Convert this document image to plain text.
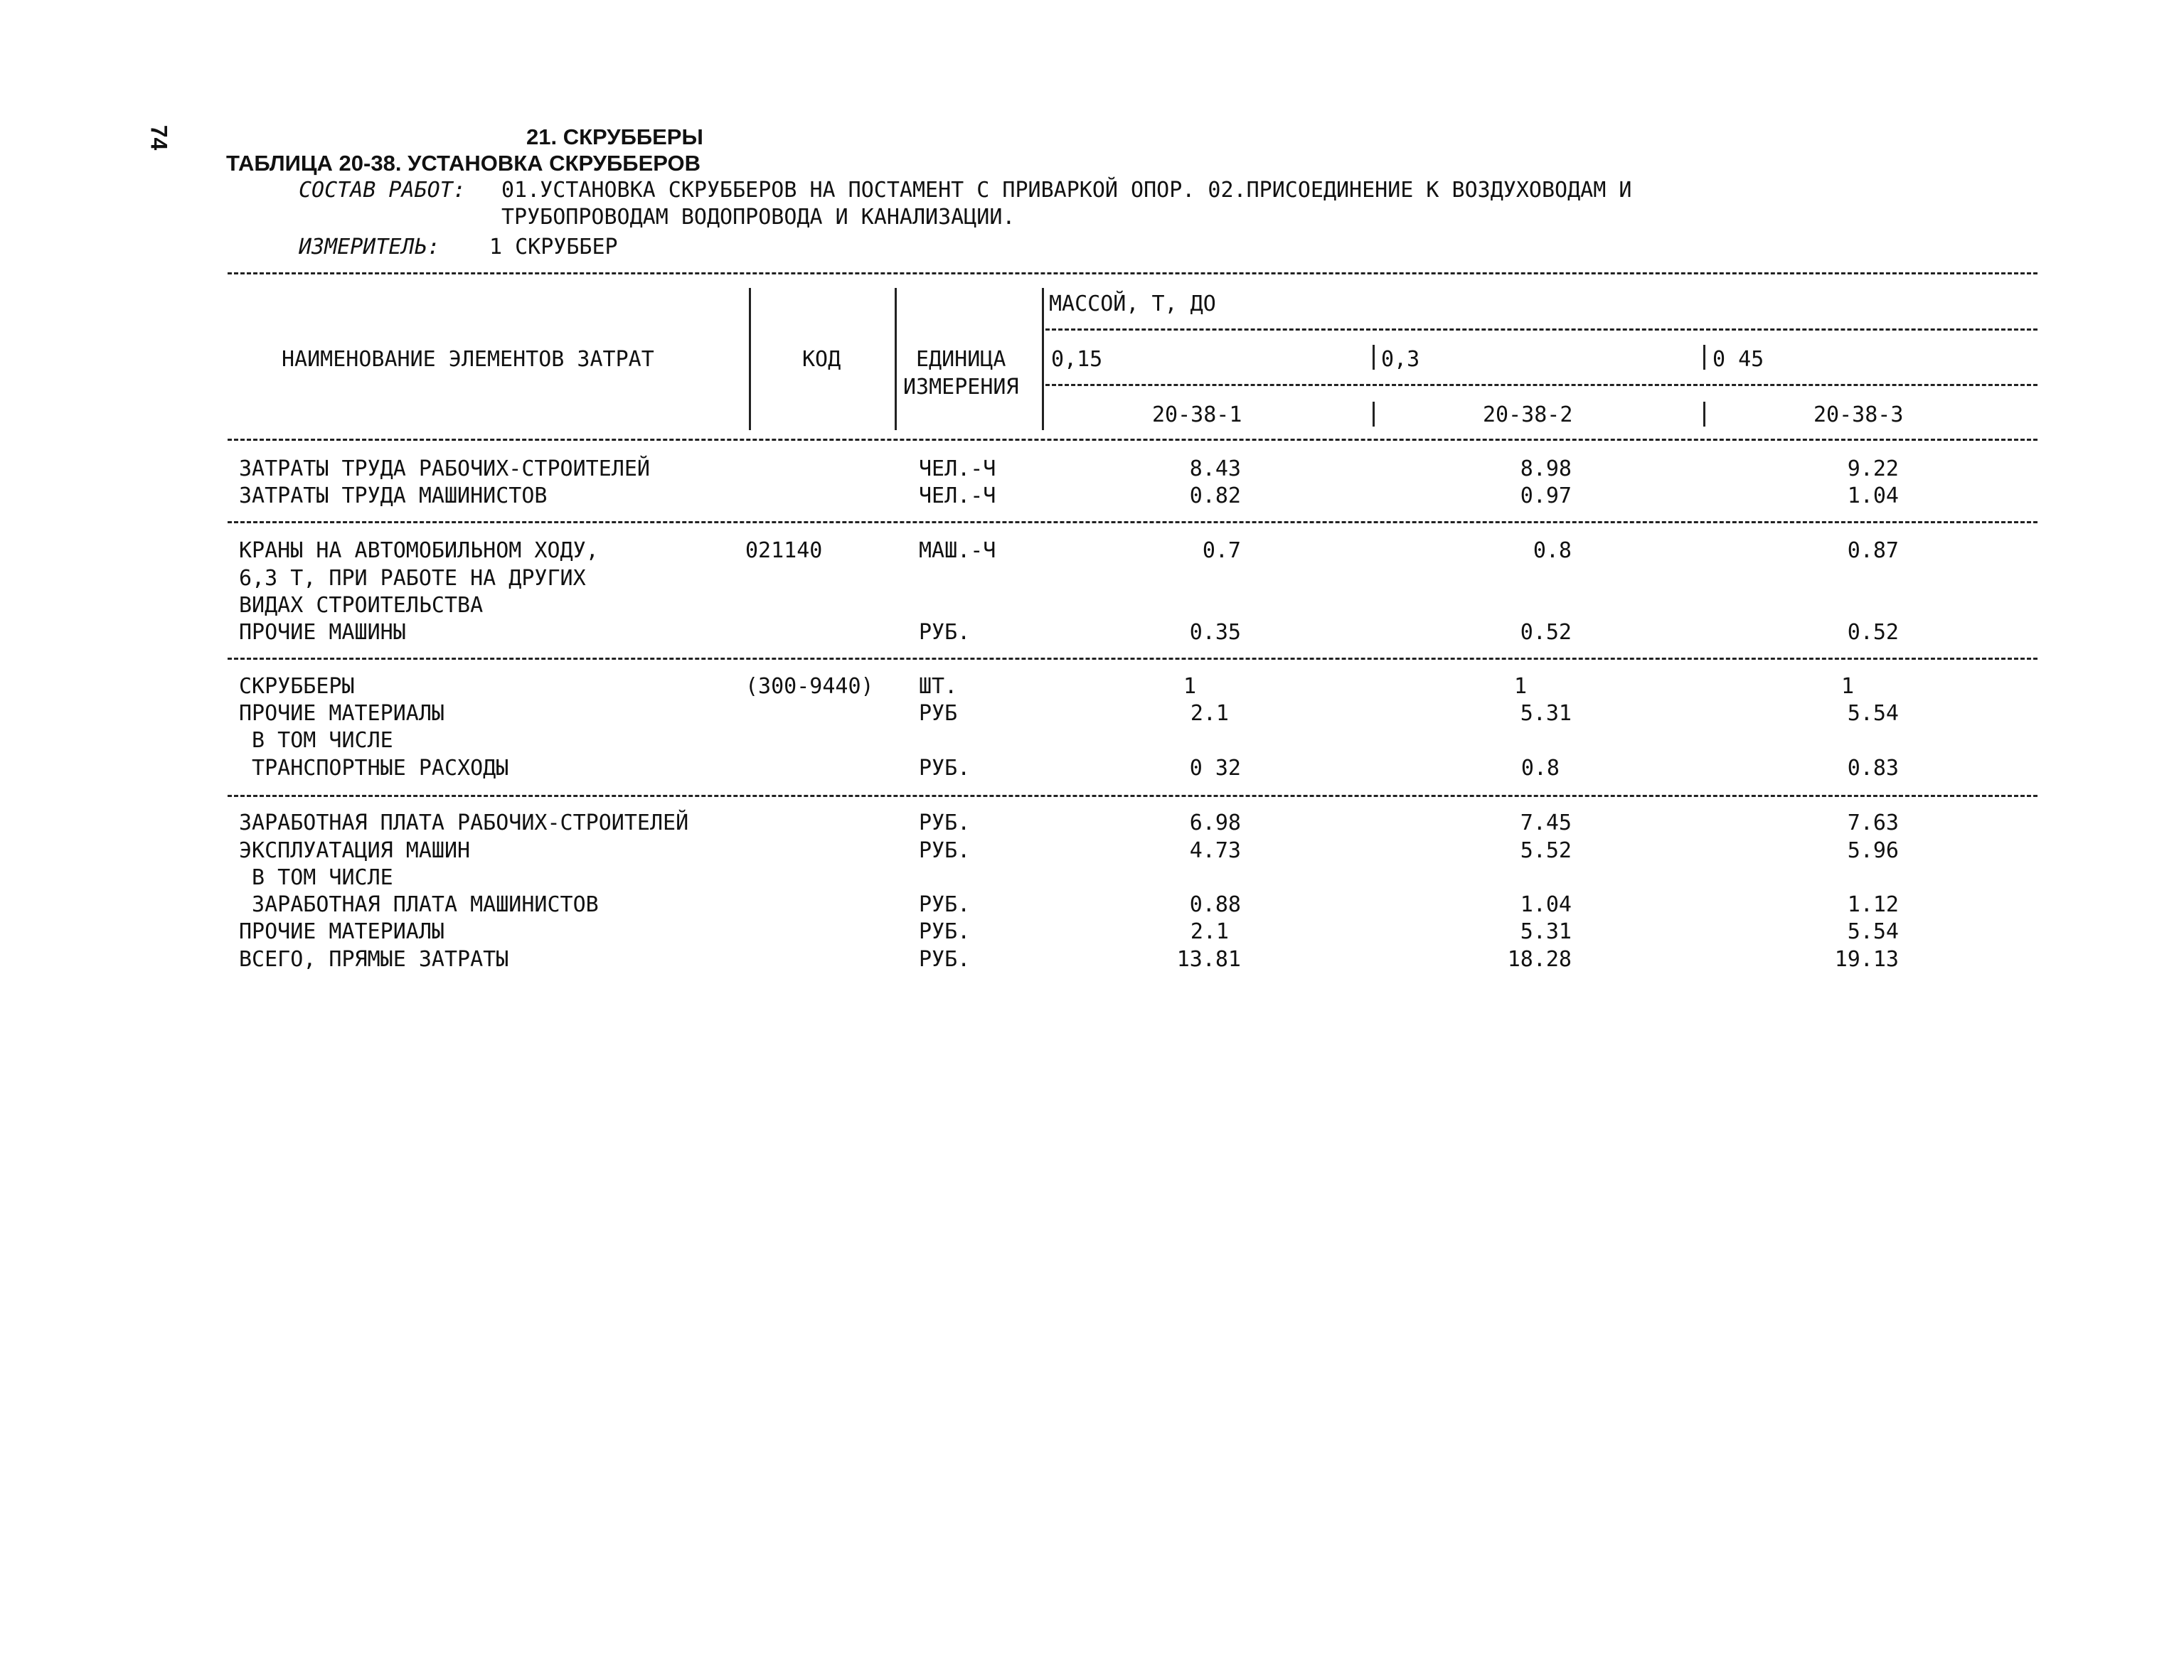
74	21. СКРУББЕРЫ
ТАБЛИЦА 20-38. УСТАНОВКА СКРУББЕРОВ
СОСТАВ РАБОТ: 01.УСТАНОВКА СКРУББЕРОВ НА ПОСТАМЕНТ С ПРИВАРКОЙ ОПОР. 02.ПРИСОЕДИНЕНИЕ К ВОЗДУХОВОДАМ И
ТРУБОПРОВОДАМ ВОДОПРОВОДА И КАНАЛИЗАЦИИ.
ИЗМЕРИТЕЛЬ: 1 СКРУББЕР
НАИМЕНОВАНИЕ ЭЛЕМЕНТОВ ЗАТРАТ	КОД	ЕДИНИЦА
ИЗМЕРЕНИЯ
МАССОЙ, Т, ДО
0,15	0,3	0 45
20-38-1	20-38-2	20-38-3
ЗАТРАТЫ ТРУДА РАБОЧИХ-СТРОИТЕЛЕЙ	ЧЕЛ.-Ч	8.43	8.98	9.22
ЗАТРАТЫ ТРУДА МАШИНИСТОВ	ЧЕЛ.-Ч	0.82	0.97	1.04
КРАНЫ НА АВТОМОБИЛЬНОМ ХОДУ,	021140	МАШ.-Ч	0.7	0.8	0.87
6,3 Т, ПРИ РАБОТЕ НА ДРУГИХ
ВИДАХ СТРОИТЕЛЬСТВА
ПРОЧИЕ МАШИНЫ	РУБ.	0.35	0.52	0.52
СКРУББЕРЫ	(300-9440) ШТ.	1	1	1
ПРОЧИЕ МАТЕРИАЛЫ	РУБ	2.1	5.31	5.54
В ТОМ ЧИСЛЕ
ТРАНСПОРТНЫЕ РАСХОДЫ	РУБ.	0 32	0.8	0.83
ЗАРАБОТНАЯ ПЛАТА РАБОЧИХ-СТРОИТЕЛЕЙ	РУБ.	6.98	7.45	7.63
ЭКСПЛУАТАЦИЯ МАШИН	РУБ.	4.73	5.52	5.96
В ТОМ ЧИСЛЕ
ЗАРАБОТНАЯ ПЛАТА МАШИНИСТОВ	РУБ.	0.88	1.04	1.12
ПРОЧИЕ МАТЕРИАЛЫ	РУБ.	2.1	5.31	5.54
ВСЕГО, ПРЯМЫЕ ЗАТРАТЫ	РУБ.	13.81	18.28	19.13
